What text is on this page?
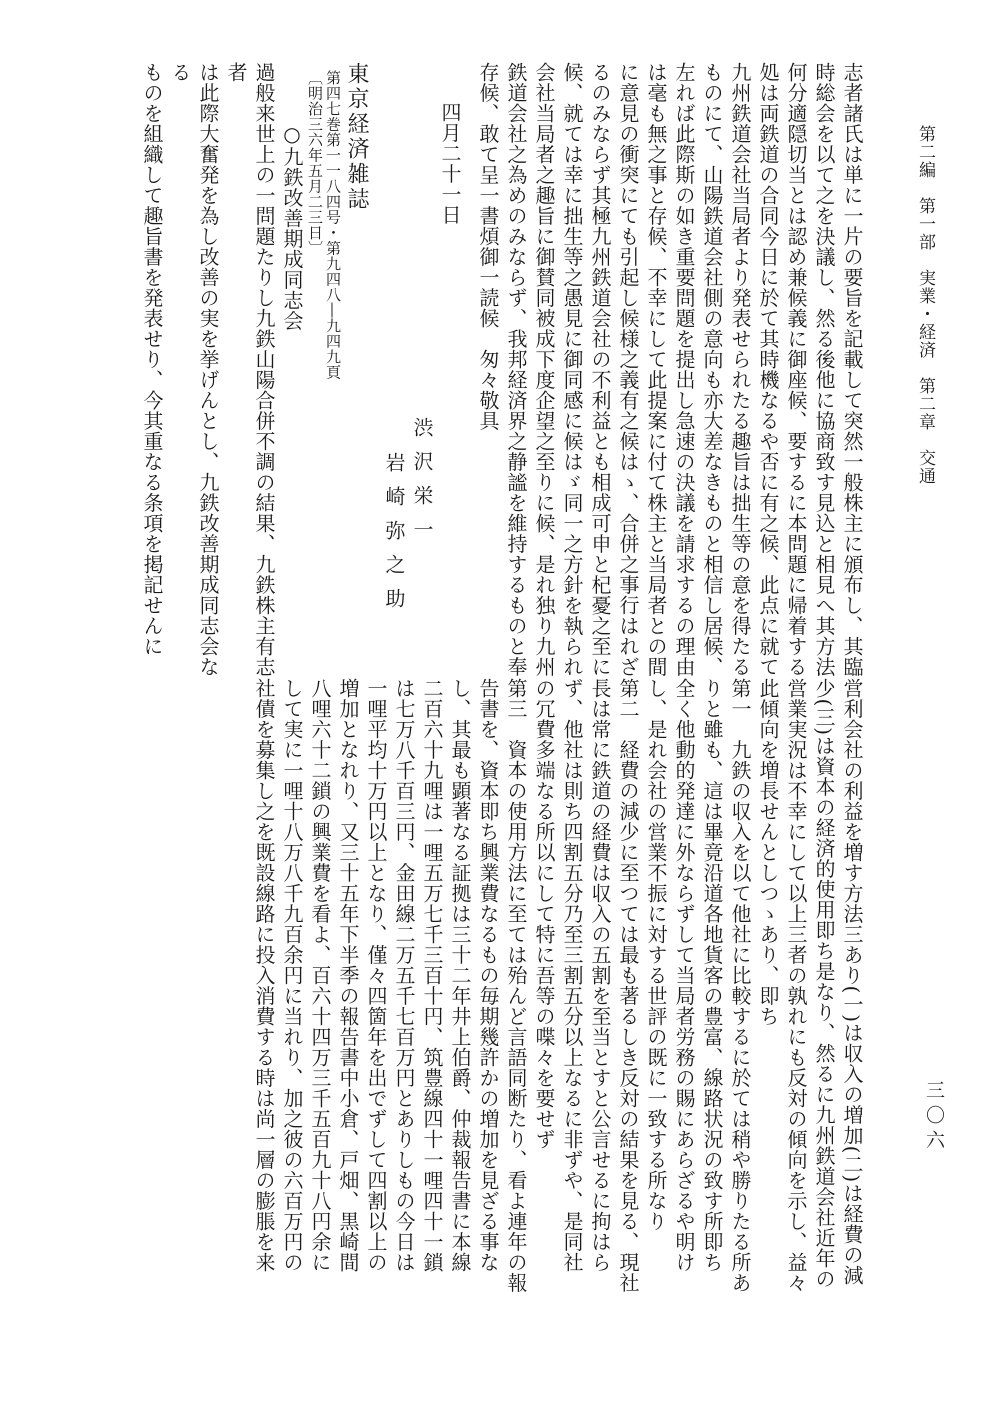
第二編　第一部　実業・経済　第二章　交通
三〇六

志者諸氏は単に一片の要旨を記載して突然一般株主に頒布し、其臨

時総会を以て之を決議し、然る後他に協商致す見込と相見へ其方法

何分適隠切当とは認め兼候義に御座候、要するに本問題に帰着する

処は両鉄道の合同今日に於て其時機なるや否に有之候、此点に就て

九州鉄道会社当局者より発表せられたる趣旨は拙生等の意を得たる

ものにて、山陽鉄道会社側の意向も亦大差なきものと相信し居候、

左れば此際斯の如き重要問題を提出し急速の決議を請求するの理由

は毫も無之事と存候、不幸にして此提案に付て株主と当局者との間

に意見の衝突にても引起し候様之義有之候はゝ、合併之事行はれざ

るのみならず其極九州鉄道会社の不利益とも相成可申と杞憂之至に

候、就ては幸に拙生等之愚見に御同感に候はゞ同一之方針を執られ

会社当局者之趣旨に御賛同被成下度企望之至りに候、是れ独り九州

鉄道会社之為めのみならず、我邦経済界之静謐を維持するものと奉

存候、敢て呈一書煩御一読候　匆々敬具

四月二十一日

渋沢栄一

岩崎弥之助

東京経済雑誌

第四七巻第一一八四号・第九四八―九四九頁
〔明治三六年五月二三日〕

○九鉄改善期成同志会

過般来世上の一問題たりし九鉄山陽合併不調の結果、九鉄株主有志者

は此際大奮発を為し改善の実を挙げんとし、九鉄改善期成同志会なる

ものを組織して趣旨書を発表せり、今其重なる条項を掲記せんに

営利会社の利益を増す方法三あり(一)は収入の増加(二)は経費の減

少(三)は資本の経済的使用即ち是なり、然るに九州鉄道会社近年の

営業実況は不幸にして以上三者の孰れにも反対の傾向を示し、益々

此傾向を増長せんとしつゝあり、即ち

第一　九鉄の収入を以て他社に比較するに於ては稍や勝りたる所あ

りと雖も、這は畢竟沿道各地貨客の豊富、線路状況の致す所即ち

全く他動的発達に外ならずして当局者労務の賜にあらざるや明け

し、是れ会社の営業不振に対する世評の既に一致する所なり

第二　経費の減少に至つては最も著るしき反対の結果を見る、現社

長は常に鉄道の経費は収入の五割を至当とすと公言せるに拘はら

ず、他社は則ち四割五分乃至三割五分以上なるに非ずや、是同社

の冗費多端なる所以にして特に吾等の喋々を要せず

第三　資本の使用方法に至ては殆んど言語同断たり、看よ連年の報

告書を、資本即ち興業費なるもの毎期幾許かの増加を見ざる事な

し、其最も顕著なる証拠は三十二年井上伯爵、仲裁報告書に本線

二百六十九哩は一哩五万七千三百十円、筑豊線四十一哩四十一鎖

は七万八千百三円、金田線二万五千七百万円とありしもの今日は

一哩平均十万円以上となり、僅々四箇年を出でずして四割以上の

増加となれり、又三十五年下半季の報告書中小倉、戸畑、黒崎間

八哩六十二鎖の興業費を看よ、百六十四万三千五百九十八円余に

して実に一哩十八万八千九百余円に当れり、加之彼の六百万円の

社債を募集し之を既設線路に投入消費する時は尚一層の膨脹を来
